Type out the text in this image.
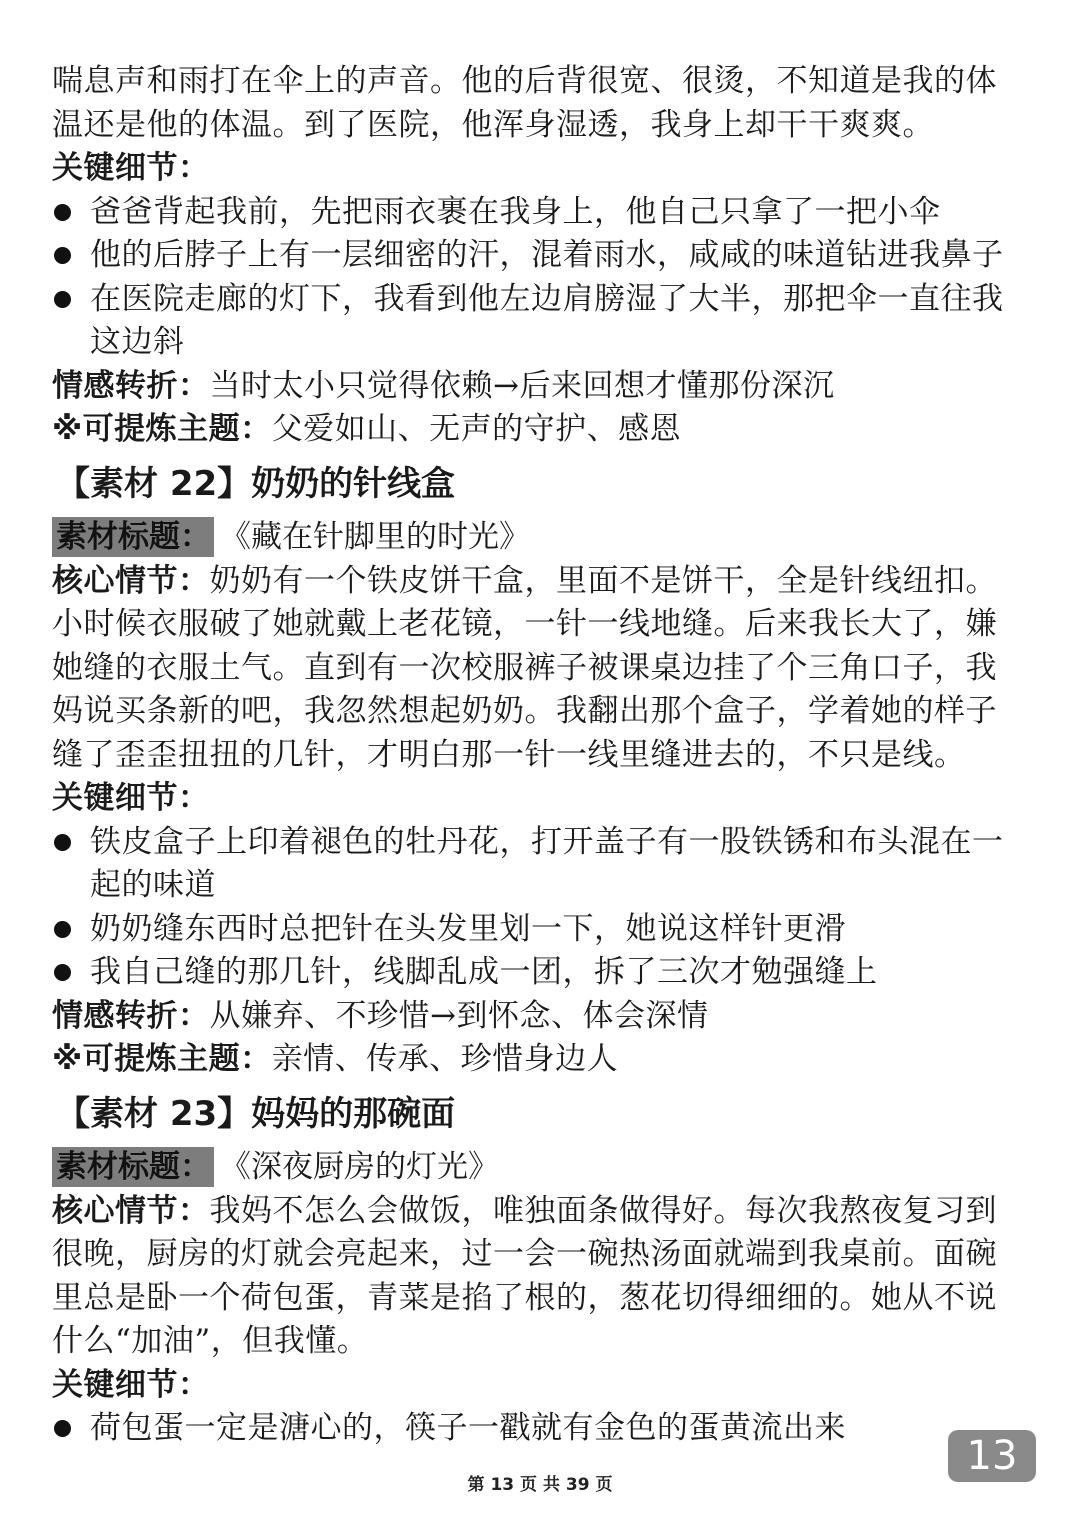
喘息声和雨打在伞上的声音。他的后背很宽、很烫，不知道是我的体
温还是他的体温。到了医院，他浑身湿透，我身上却干干爽爽。
关键细节：
爸爸背起我前，先把雨衣裹在我身上，他自己只拿了一把小伞
他的后脖子上有一层细密的汗，混着雨水，咸咸的味道钻进我鼻子
在医院走廊的灯下，我看到他左边肩膀湿了大半，那把伞一直往我
这边斜
情感转折：当时太小只觉得依赖→后来回想才懂那份深沉
※可提炼主题：父爱如山、无声的守护、感恩
【素材 22】奶奶的针线盒
素材标题： 《藏在针脚里的时光》
核心情节：奶奶有一个铁皮饼干盒，里面不是饼干，全是针线纽扣。
小时候衣服破了她就戴上老花镜，一针一线地缝。后来我长大了，嫌
她缝的衣服土气。直到有一次校服裤子被课桌边挂了个三角口子，我
妈说买条新的吧，我忽然想起奶奶。我翻出那个盒子，学着她的样子
缝了歪歪扭扭的几针，才明白那一针一线里缝进去的，不只是线。
关键细节：
铁皮盒子上印着褪色的牡丹花，打开盖子有一股铁锈和布头混在一
起的味道
奶奶缝东西时总把针在头发里划一下，她说这样针更滑
我自己缝的那几针，线脚乱成一团，拆了三次才勉强缝上
情感转折：从嫌弃、不珍惜→到怀念、体会深情
※可提炼主题：亲情、传承、珍惜身边人
【素材 23】妈妈的那碗面
素材标题： 《深夜厨房的灯光》
核心情节：我妈不怎么会做饭，唯独面条做得好。每次我熬夜复习到
很晚，厨房的灯就会亮起来，过一会一碗热汤面就端到我桌前。面碗
里总是卧一个荷包蛋，青菜是掐了根的，葱花切得细细的。她从不说
什么“加油”，但我懂。
关键细节：
荷包蛋一定是溏心的，筷子一戳就有金色的蛋黄流出来
13
第 13 页 共 39 页
